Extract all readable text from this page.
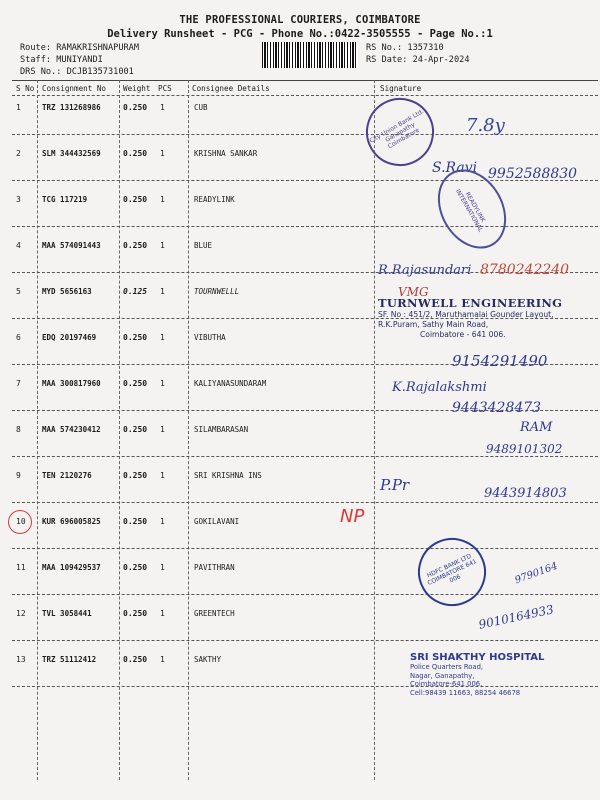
THE PROFESSIONAL COURIERS, COIMBATORE
Delivery Runsheet - PCG - Phone No.:0422-3505555 - Page No.:1
Route: RAMAKRISHNAPURAM
Staff: MUNIYANDI
DRS No.: DCJB135731001
RS No.: 1357310
RS Date: 24-Apr-2024
S No Consignment No Weight PCS	Consignee Details	Signature
1	TRZ 131268986	0.250 1	CUB
2	SLM 344432569	0.250 1	KRISHNA SANKAR
3	TCG 117219	0.250 1	READYLINK
4	MAA 574091443	0.250 1	BLUE
5	MYD 5656163	0.125 1	TOURNWELLL
6	EDQ 20197469	0.250 1	VIBUTHA
7	MAA 300817960	0.250 1	KALIYANASUNDARAM
8	MAA 574230412	0.250 1	SILAMBARASAN
9	TEN 2120276	0.250 1	SRI KRISHNA INS
10 KUR 696005825	0.250 1	GOKILAVANI
11 MAA 109429537	0.250 1	PAVITHRAN
12 TVL 3058441	0.250 1	GREENTECH
13 TRZ 51112412	0.250 1	SAKTHY
City Union Bank Ltd. Ganapathy Coimbatore
7.8y
S.Ravi 9952588830
READYLINK INTERNATIONAL
R.Rajasundari 8780242240
VMG
TURNWELL ENGINEERING
SF. No : 451/2, Maruthamalai Gounder Layout,
R.K.Puram, Sathy Main Road,
Coimbatore - 641 006.
9154291490
K.Rajalakshmi
9443428473
RAM
9489101302
P.Pr	9443914803
NP
HDFC BANK LTD COIMBATORE 641 006	9790164
9010164933
SRI SHAKTHY HOSPITAL
Police Quarters Road,
Nagar, Ganapathy,
Coimbatore-641 006.
Cell:98439 11663, 88254 46678
